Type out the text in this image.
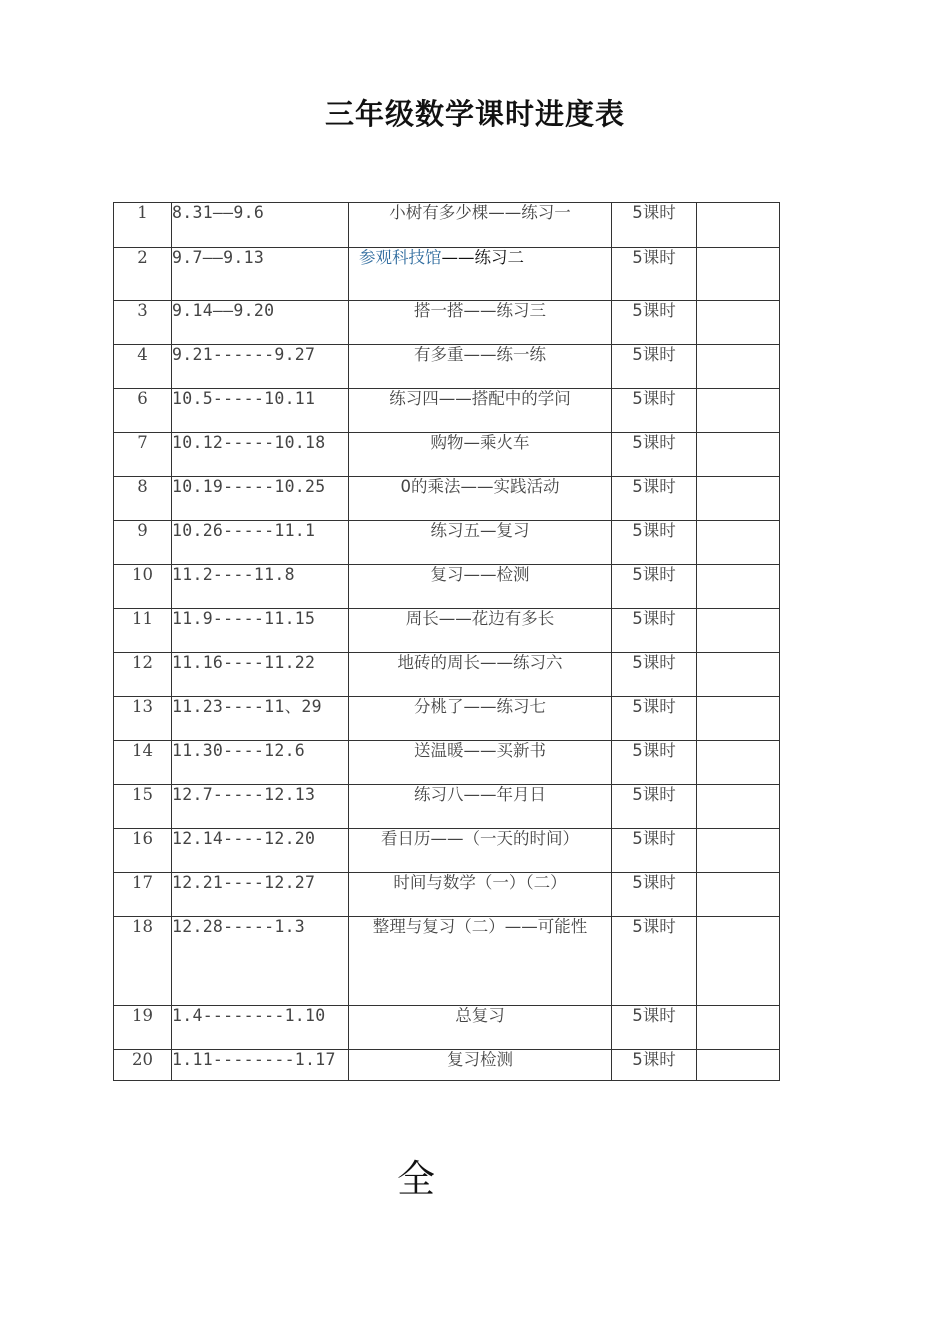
三年级数学课时进度表
1	8.31——9.6	小树有多少棵——练习一	5课时	
2	9.7——9.13	参观科技馆——练习二	5课时	
3	9.14——9.20	搭一搭——练习三	5课时	
4	9.21------9.27	有多重——练一练	5课时	
6	10.5-----10.11	练习四——搭配中的学问	5课时	
7	10.12-----10.18	购物—乘火车	5课时	
8	10.19-----10.25	0的乘法——实践活动	5课时	
9	10.26-----11.1	练习五—复习	5课时	
10	11.2----11.8	复习——检测	5课时	
11	11.9-----11.15	周长——花边有多长	5课时	
12	11.16----11.22	地砖的周长——练习六	5课时	
13	11.23----11、29	分桃了——练习七	5课时	
14	11.30----12.6	送温暖——买新书	5课时	
15	12.7-----12.13	练习八——年月日	5课时	
16	12.14----12.20	看日历——（一天的时间）	5课时	
17	12.21----12.27	时间与数学（一）（二）	5课时	
18	12.28-----1.3	整理与复习（二）——可能性	5课时	
19	1.4--------1.10	总复习	5课时	
20	1.11--------1.17	复习检测	5课时	
全
